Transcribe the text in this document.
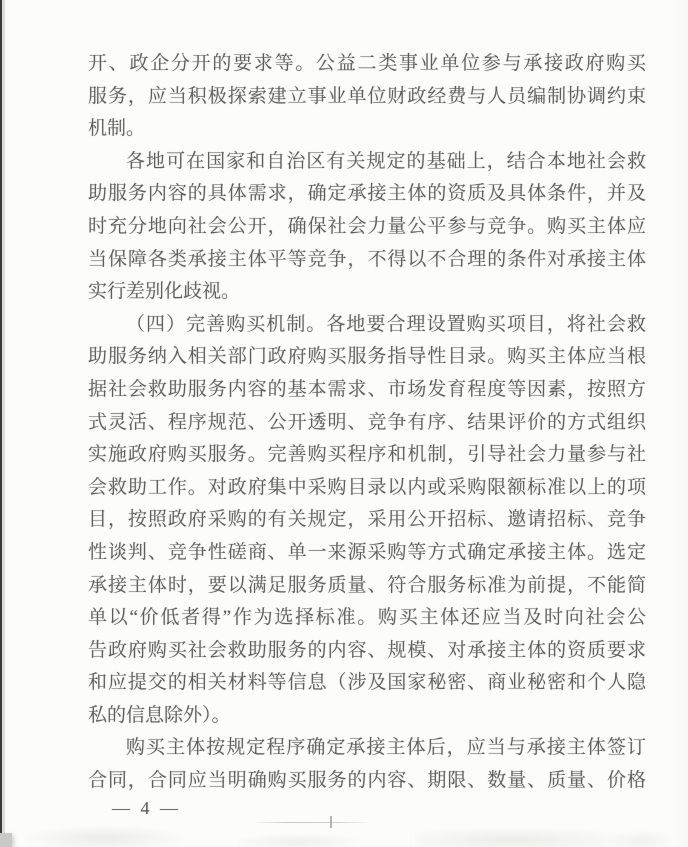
开、政企分开的要求等。公益二类事业单位参与承接政府购买
服务，应当积极探索建立事业单位财政经费与人员编制协调约束
机制。
各地可在国家和自治区有关规定的基础上，结合本地社会救
助服务内容的具体需求，确定承接主体的资质及具体条件，并及
时充分地向社会公开，确保社会力量公平参与竞争。购买主体应
当保障各类承接主体平等竞争，不得以不合理的条件对承接主体
实行差别化歧视。
（四）完善购买机制。各地要合理设置购买项目，将社会救
助服务纳入相关部门政府购买服务指导性目录。购买主体应当根
据社会救助服务内容的基本需求、市场发育程度等因素，按照方
式灵活、程序规范、公开透明、竞争有序、结果评价的方式组织
实施政府购买服务。完善购买程序和机制，引导社会力量参与社
会救助工作。对政府集中采购目录以内或采购限额标准以上的项
目，按照政府采购的有关规定，采用公开招标、邀请招标、竞争
性谈判、竞争性磋商、单一来源采购等方式确定承接主体。选定
承接主体时，要以满足服务质量、符合服务标准为前提，不能简
单以“价低者得”作为选择标准。购买主体还应当及时向社会公
告政府购买社会救助服务的内容、规模、对承接主体的资质要求
和应提交的相关材料等信息（涉及国家秘密、商业秘密和个人隐
私的信息除外）。
购买主体按规定程序确定承接主体后，应当与承接主体签订
合同，合同应当明确购买服务的内容、期限、数量、质量、价格
— 4 —
